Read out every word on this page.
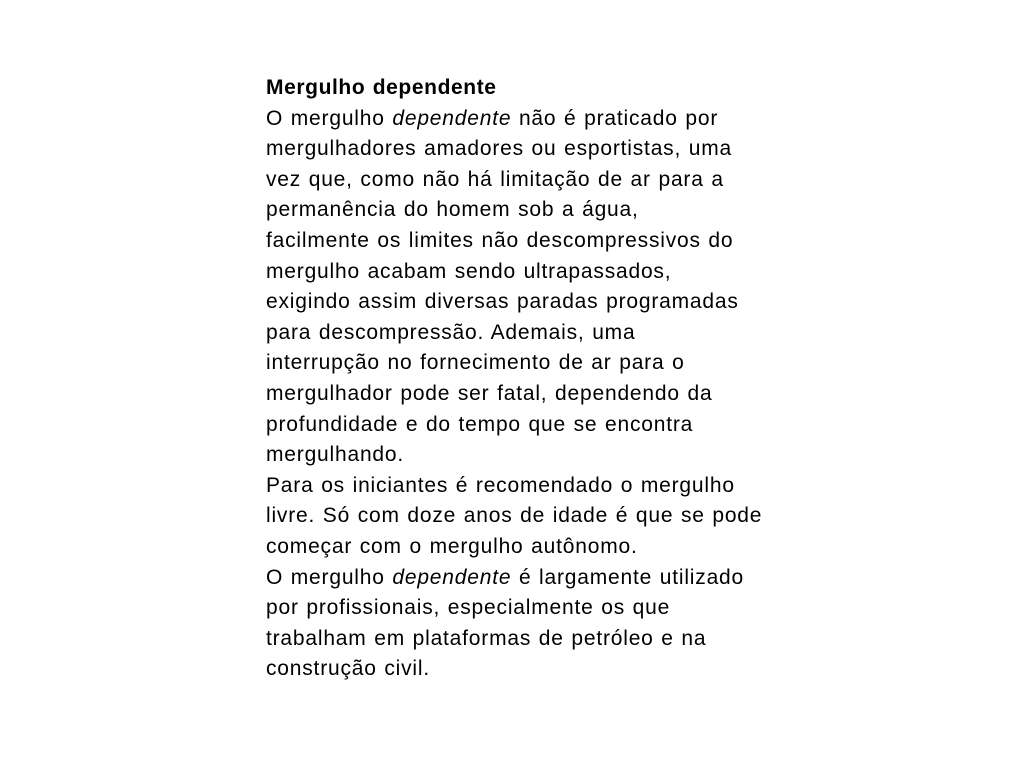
Mergulho dependente
O mergulho dependente não é praticado por
mergulhadores amadores ou esportistas, uma
vez que, como não há limitação de ar para a
permanência do homem sob a água,
facilmente os limites não descompressivos do
mergulho acabam sendo ultrapassados,
exigindo assim diversas paradas programadas
para descompressão. Ademais, uma
interrupção no fornecimento de ar para o
mergulhador pode ser fatal, dependendo da
profundidade e do tempo que se encontra
mergulhando.
Para os iniciantes é recomendado o mergulho
livre. Só com doze anos de idade é que se pode
começar com o mergulho autônomo.
O mergulho dependente é largamente utilizado
por profissionais, especialmente os que
trabalham em plataformas de petróleo e na
construção civil.
